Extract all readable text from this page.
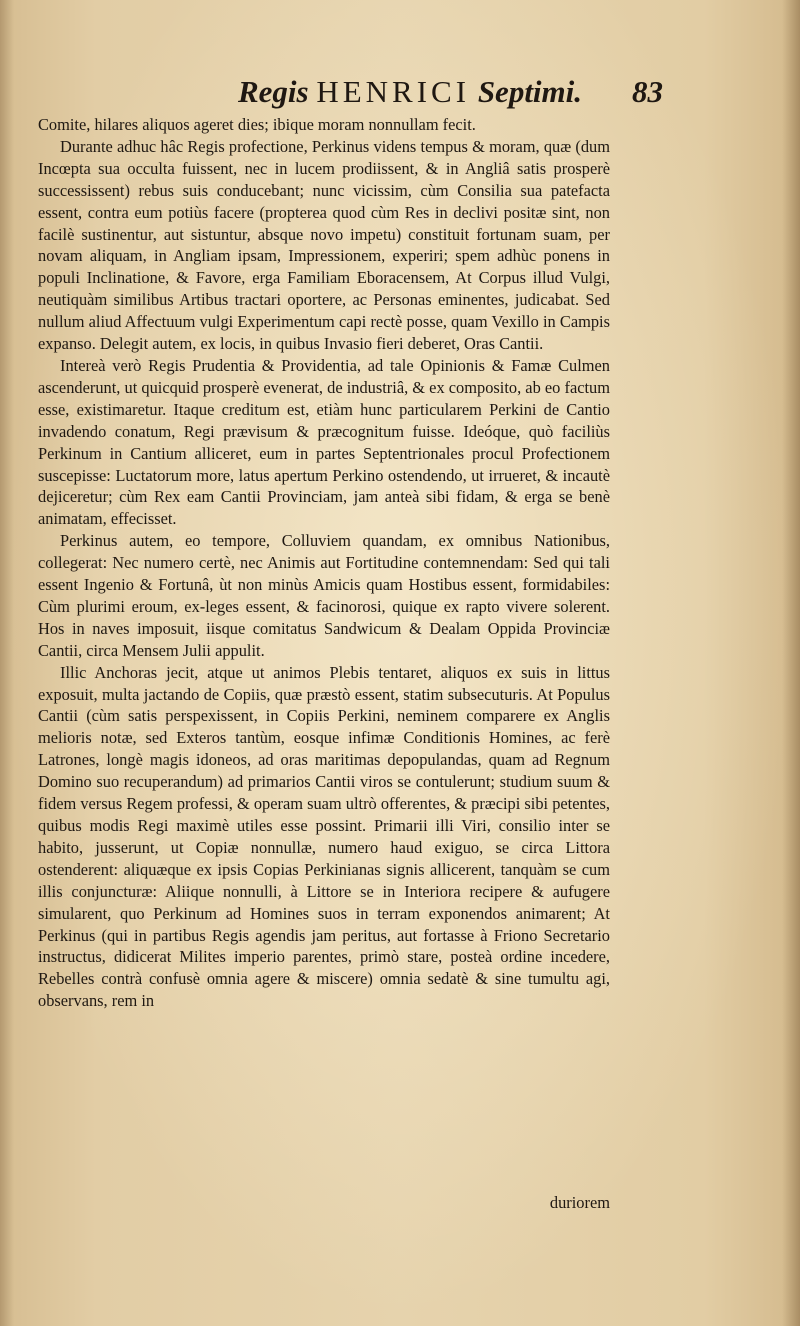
Regis HENRICI Septimi.	83

Comite, hilares aliquos ageret dies; ibique moram nonnullam fecit.

Durante adhuc hâc Regis profectione, Perkinus videns tempus & moram, quæ (dum Incœpta sua occulta fuissent, nec in lucem prodiissent, & in Angliâ satis prosperè successissent) rebus suis conducebant; nunc vicissim, cùm Consilia sua patefacta essent, contra eum potiùs facere (propterea quod cùm Res in declivi positæ sint, non facilè sustinentur, aut sistuntur, absque novo impetu) constituit fortunam suam, per novam aliquam, in Angliam ipsam, Impressionem, experiri; spem adhùc ponens in populi Inclinatione, & Favore, erga Familiam Eboracensem, At Corpus illud Vulgi, neutiquàm similibus Artibus tractari oportere, ac Personas eminentes, judicabat. Sed nullum aliud Affectuum vulgi Experimentum capi rectè posse, quam Vexillo in Campis expanso. Delegit autem, ex locis, in quibus Invasio fieri deberet, Oras Cantii.

Intereà verò Regis Prudentia & Providentia, ad tale Opinionis & Famæ Culmen ascenderunt, ut quicquid prosperè evenerat, de industriâ, & ex composito, ab eo factum esse, existimaretur. Itaque creditum est, etiàm hunc particularem Perkini de Cantio invadendo conatum, Regi prævisum & præcognitum fuisse. Ideóque, quò faciliùs Perkinum in Cantium alliceret, eum in partes Septentrionales procul Profectionem suscepisse: Luctatorum more, latus apertum Perkino ostendendo, ut irrueret, & incautè dejiceretur; cùm Rex eam Cantii Provinciam, jam anteà sibi fidam, & erga se benè animatam, effecisset.

Perkinus autem, eo tempore, Colluviem quandam, ex omnibus Nationibus, collegerat: Nec numero certè, nec Animis aut Fortitudine contemnendam: Sed qui tali essent Ingenio & Fortunâ, ùt non minùs Amicis quam Hostibus essent, formidabiles: Cùm plurimi eroum, ex-leges essent, & facinorosi, quique ex rapto vivere solerent. Hos in naves imposuit, iisque comitatus Sandwicum & Dealam Oppida Provinciæ Cantii, circa Mensem Julii appulit.

Illic Anchoras jecit, atque ut animos Plebis tentaret, aliquos ex suis in littus exposuit, multa jactando de Copiis, quæ præstò essent, statim subsecuturis. At Populus Cantii (cùm satis perspexissent, in Copiis Perkini, neminem comparere ex Anglis melioris notæ, sed Exteros tantùm, eosque infimæ Conditionis Homines, ac ferè Latrones, longè magis idoneos, ad oras maritimas depopulandas, quam ad Regnum Domino suo recuperandum) ad primarios Cantii viros se contulerunt; studium suum & fidem versus Regem professi, & operam suam ultrò offerentes, & præcipi sibi petentes, quibus modis Regi maximè utiles esse possint. Primarii illi Viri, consilio inter se habito, jusserunt, ut Copiæ nonnullæ, numero haud exiguo, se circa Littora ostenderent: aliquæque ex ipsis Copias Perkinianas signis allicerent, tanquàm se cum illis conjuncturæ: Aliique nonnulli, à Littore se in Interiora recipere & aufugere simularent, quo Perkinum ad Homines suos in terram exponendos animarent; At Perkinus (qui in partibus Regis agendis jam peritus, aut fortasse à Friono Secretario instructus, didicerat Milites imperio parentes, primò stare, posteà ordine incedere, Rebelles contrà confusè omnia agere & miscere) omnia sedatè & sine tumultu agi, observans, rem in

duriorem
